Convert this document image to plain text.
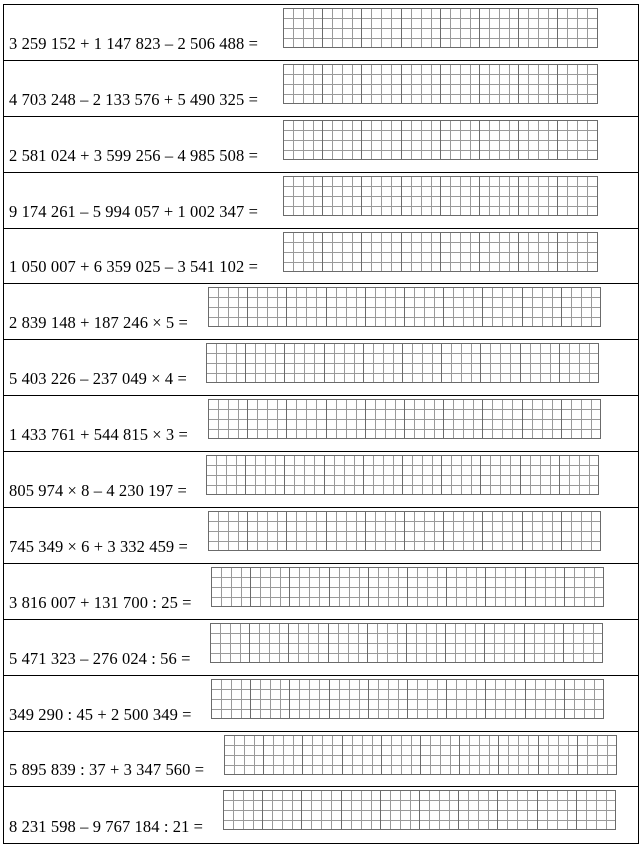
3 259 152 + 1 147 823 – 2 506 488 =
4 703 248 – 2 133 576 + 5 490 325 =
2 581 024 + 3 599 256 – 4 985 508 =
9 174 261 – 5 994 057 + 1 002 347 =
1 050 007 + 6 359 025 – 3 541 102 =
2 839 148 + 187 246 × 5 =
5 403 226 – 237 049 × 4 =
1 433 761 + 544 815 × 3 =
805 974 × 8 – 4 230 197 =
745 349 × 6 + 3 332 459 =
3 816 007 + 131 700 : 25 =
5 471 323 – 276 024 : 56 =
349 290 : 45 + 2 500 349 =
5 895 839 : 37 + 3 347 560 =
8 231 598 – 9 767 184 : 21 =
